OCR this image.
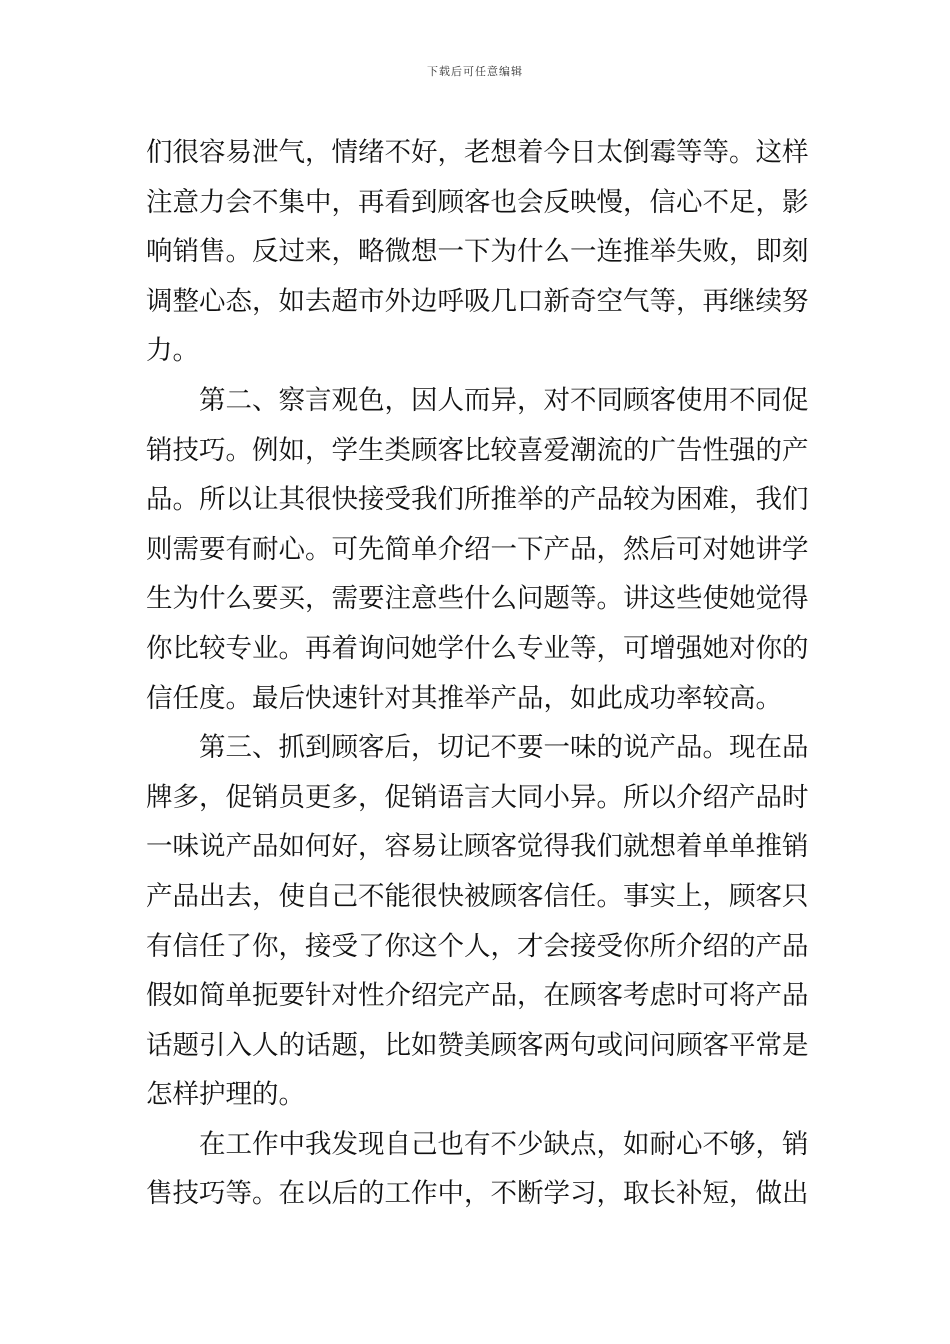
下载后可任意编辑
们很容易泄气，情绪不好，老想着今日太倒霉等等。这样
注意力会不集中，再看到顾客也会反映慢，信心不足，影
响销售。反过来，略微想一下为什么一连推举失败，即刻
调整心态，如去超市外边呼吸几口新奇空气等，再继续努
力。
第二、察言观色，因人而异，对不同顾客使用不同促
销技巧。例如，学生类顾客比较喜爱潮流的广告性强的产
品。所以让其很快接受我们所推举的产品较为困难，我们
则需要有耐心。可先简单介绍一下产品，然后可对她讲学
生为什么要买，需要注意些什么问题等。讲这些使她觉得
你比较专业。再着询问她学什么专业等，可增强她对你的
信任度。最后快速针对其推举产品，如此成功率较高。
第三、抓到顾客后，切记不要一味的说产品。现在品
牌多，促销员更多，促销语言大同小异。所以介绍产品时
一味说产品如何好，容易让顾客觉得我们就想着单单推销
产品出去，使自己不能很快被顾客信任。事实上，顾客只
有信任了你，接受了你这个人，才会接受你所介绍的产品
假如简单扼要针对性介绍完产品，在顾客考虑时可将产品
话题引入人的话题，比如赞美顾客两句或问问顾客平常是
怎样护理的。
在工作中我发现自己也有不少缺点，如耐心不够，销
售技巧等。在以后的工作中，不断学习，取长补短，做出
